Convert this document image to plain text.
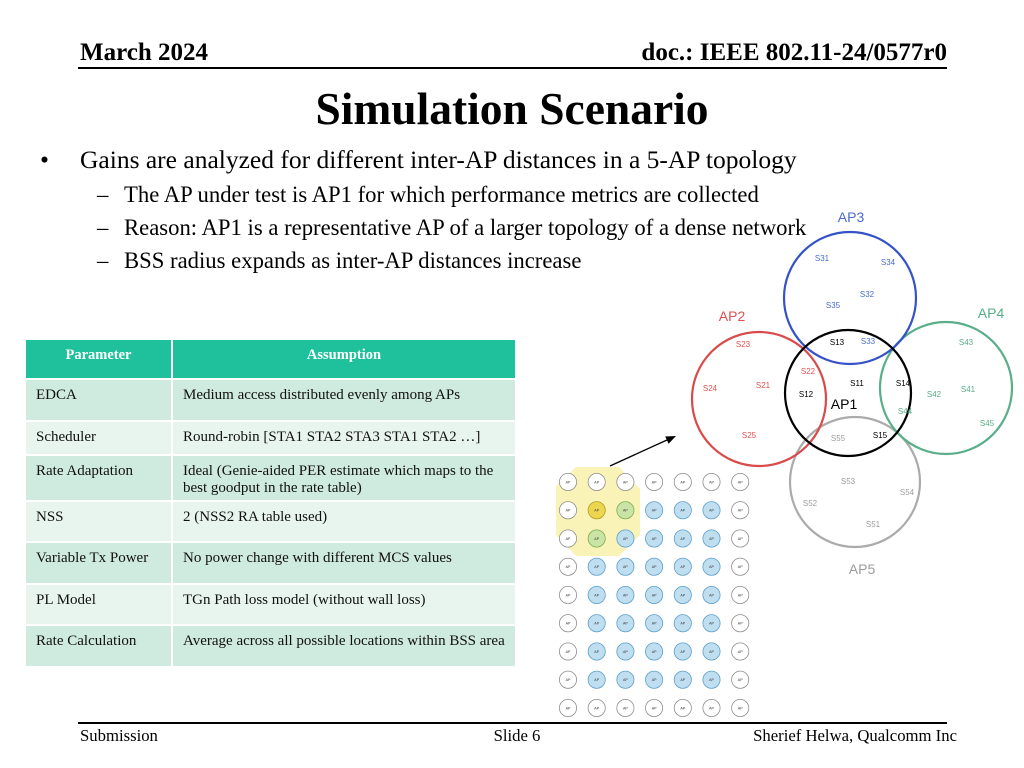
March 2024	doc.: IEEE 802.11-24/0577r0
Simulation Scenario
• Gains are analyzed for different inter-AP distances in a 5-AP topology
– The AP under test is AP1 for which performance metrics are collected
– Reason: AP1 is a representative AP of a larger topology of a dense network
– BSS radius expands as inter-AP distances increase
Parameter	Assumption
EDCA	Medium access distributed evenly among APs
Scheduler	Round-robin [STA1 STA2 STA3 STA1 STA2 …]
Rate Adaptation	Ideal (Genie-aided PER estimate which maps to the best goodput in the rate table)
NSS	2 (NSS2 RA table used)
Variable Tx Power	No power change with different MCS values
PL Model	TGn Path loss model (without wall loss)
Rate Calculation	Average across all possible locations within BSS area
AP	AP	AP	AP	AP	AP	AP
AP	AP	AP	AP	AP	AP	AP
AP	AP	AP	AP	AP	AP	AP
AP	AP	AP	AP	AP	AP	AP
AP	AP	AP	AP	AP	AP	AP
AP	AP	AP	AP	AP	AP	AP
AP	AP	AP	AP	AP	AP	AP
AP	AP	AP	AP	AP	AP	AP
AP	AP	AP	AP	AP	AP	AP
AP3
AP2	AP4
AP5
AP1
S31
S32
S33
S34
S35
S21
S22
S23
S24
S25
S11
S12
S13
S14
S15
S41
S42
S43
S44
S45
S51
S52
S53
S54
S55
Submission	Slide 6	Sherief Helwa, Qualcomm Inc
